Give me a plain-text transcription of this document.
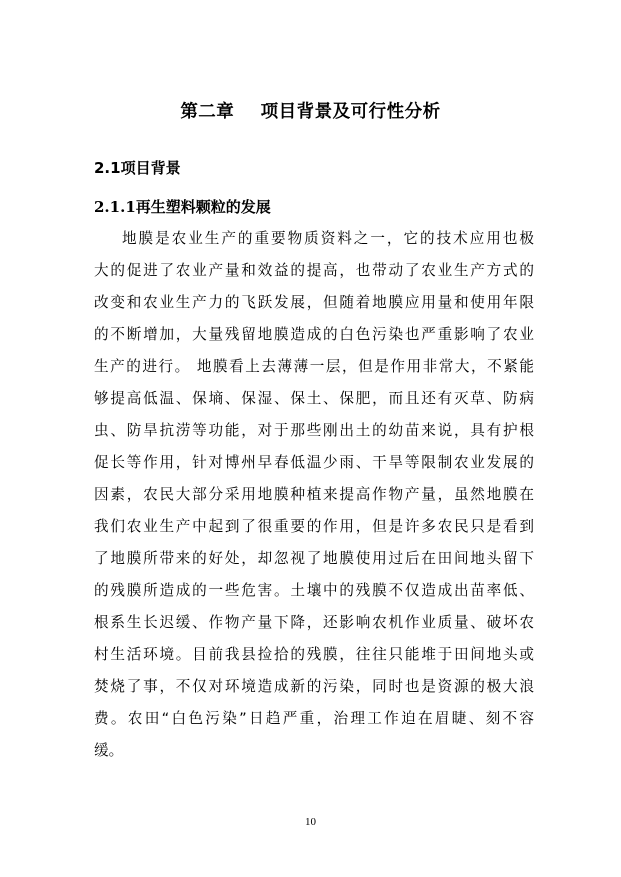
第二章    项目背景及可行性分析
2.1项目背景
2.1.1再生塑料颗粒的发展

地膜是农业生产的重要物质资料之一，它的技术应用也极

大的促进了农业产量和效益的提高，也带动了农业生产方式的

改变和农业生产力的飞跃发展，但随着地膜应用量和使用年限

的不断增加，大量残留地膜造成的白色污染也严重影响了农业

生产的进行。 地膜看上去薄薄一层，但是作用非常大，不紧能

够提高低温、保墒、保湿、保土、保肥，而且还有灭草、防病

虫、防旱抗涝等功能，对于那些刚出土的幼苗来说，具有护根

促长等作用，针对博州早春低温少雨、干旱等限制农业发展的

因素，农民大部分采用地膜种植来提高作物产量，虽然地膜在

我们农业生产中起到了很重要的作用，但是许多农民只是看到

了地膜所带来的好处，却忽视了地膜使用过后在田间地头留下

的残膜所造成的一些危害。土壤中的残膜不仅造成出苗率低、

根系生长迟缓、作物产量下降，还影响农机作业质量、破坏农

村生活环境。目前我县捡拾的残膜，往往只能堆于田间地头或

焚烧了事，不仅对环境造成新的污染，同时也是资源的极大浪

费。农田“白色污染”日趋严重，治理工作迫在眉睫、刻不容

缓。

10
